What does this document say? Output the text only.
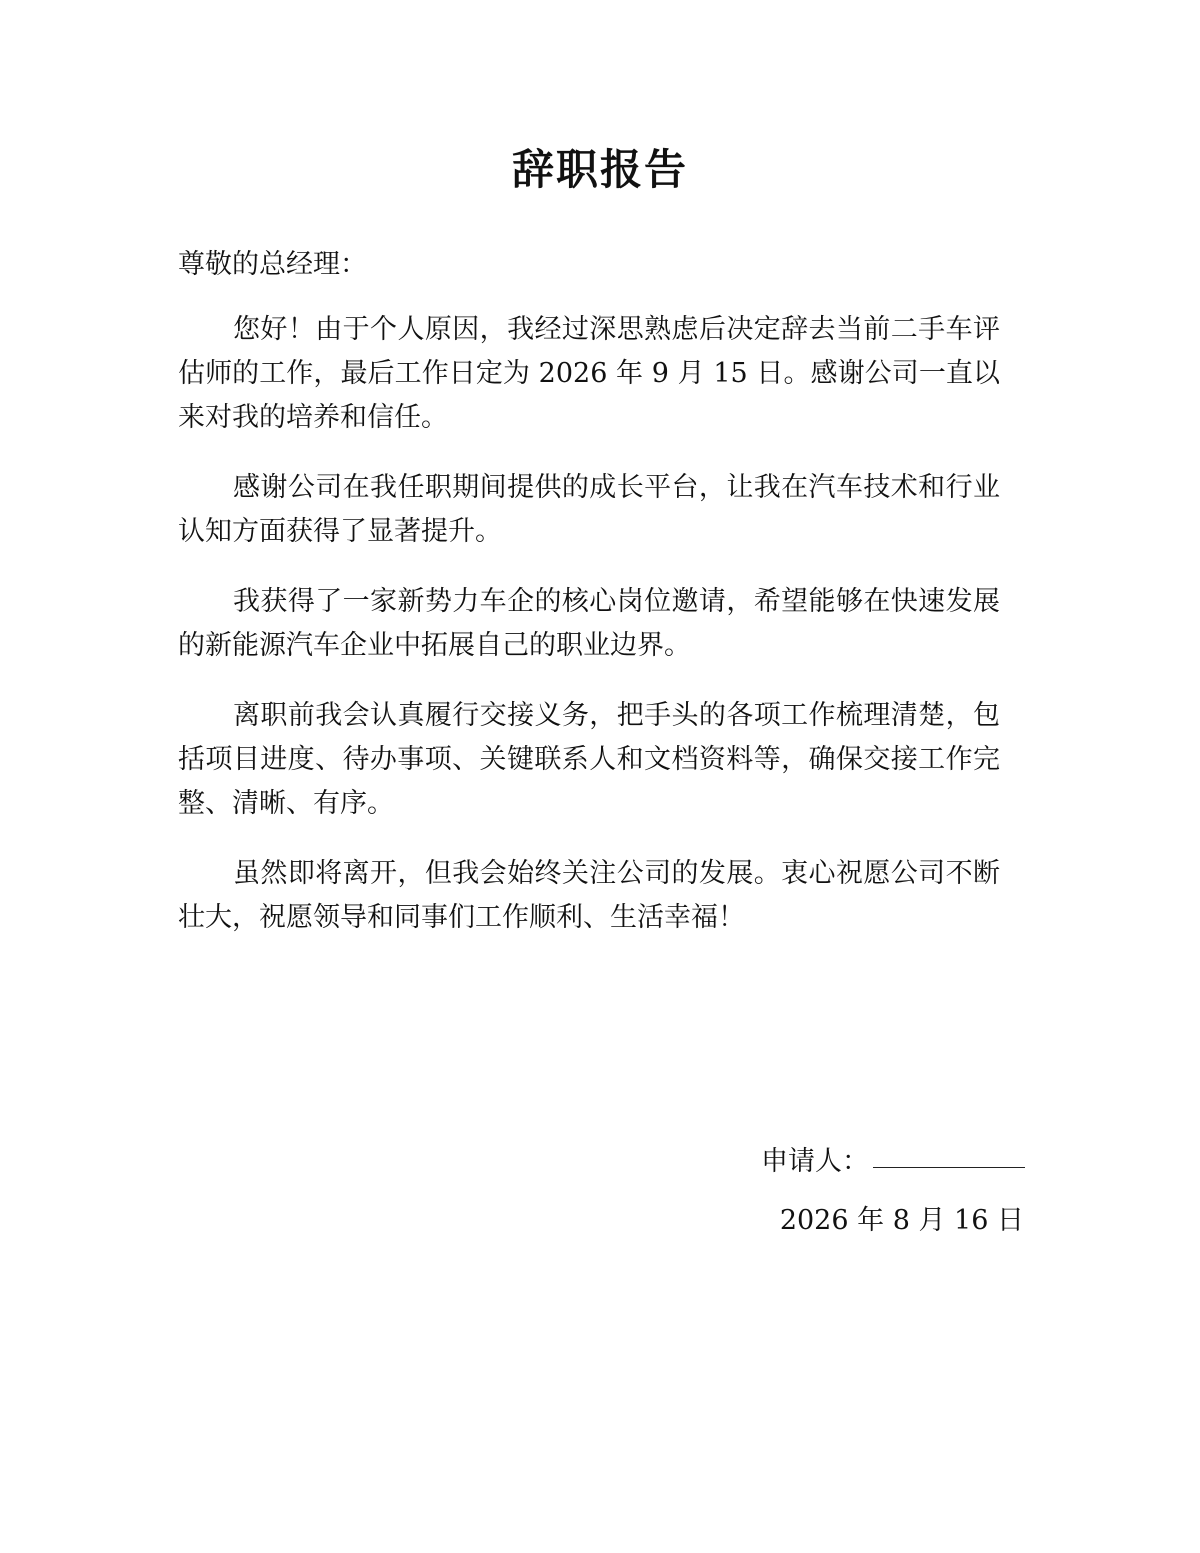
辞职报告
尊敬的总经理：

您好！由于个人原因，我经过深思熟虑后决定辞去当前二手车评估师的工作，最后工作日定为 2026 年 9 月 15 日。感谢公司一直以来对我的培养和信任。

感谢公司在我任职期间提供的成长平台，让我在汽车技术和行业认知方面获得了显著提升。

我获得了一家新势力车企的核心岗位邀请，希望能够在快速发展的新能源汽车企业中拓展自己的职业边界。

离职前我会认真履行交接义务，把手头的各项工作梳理清楚，包括项目进度、待办事项、关键联系人和文档资料等，确保交接工作完整、清晰、有序。

虽然即将离开，但我会始终关注公司的发展。衷心祝愿公司不断壮大，祝愿领导和同事们工作顺利、生活幸福！

申请人：
2026 年 8 月 16 日
